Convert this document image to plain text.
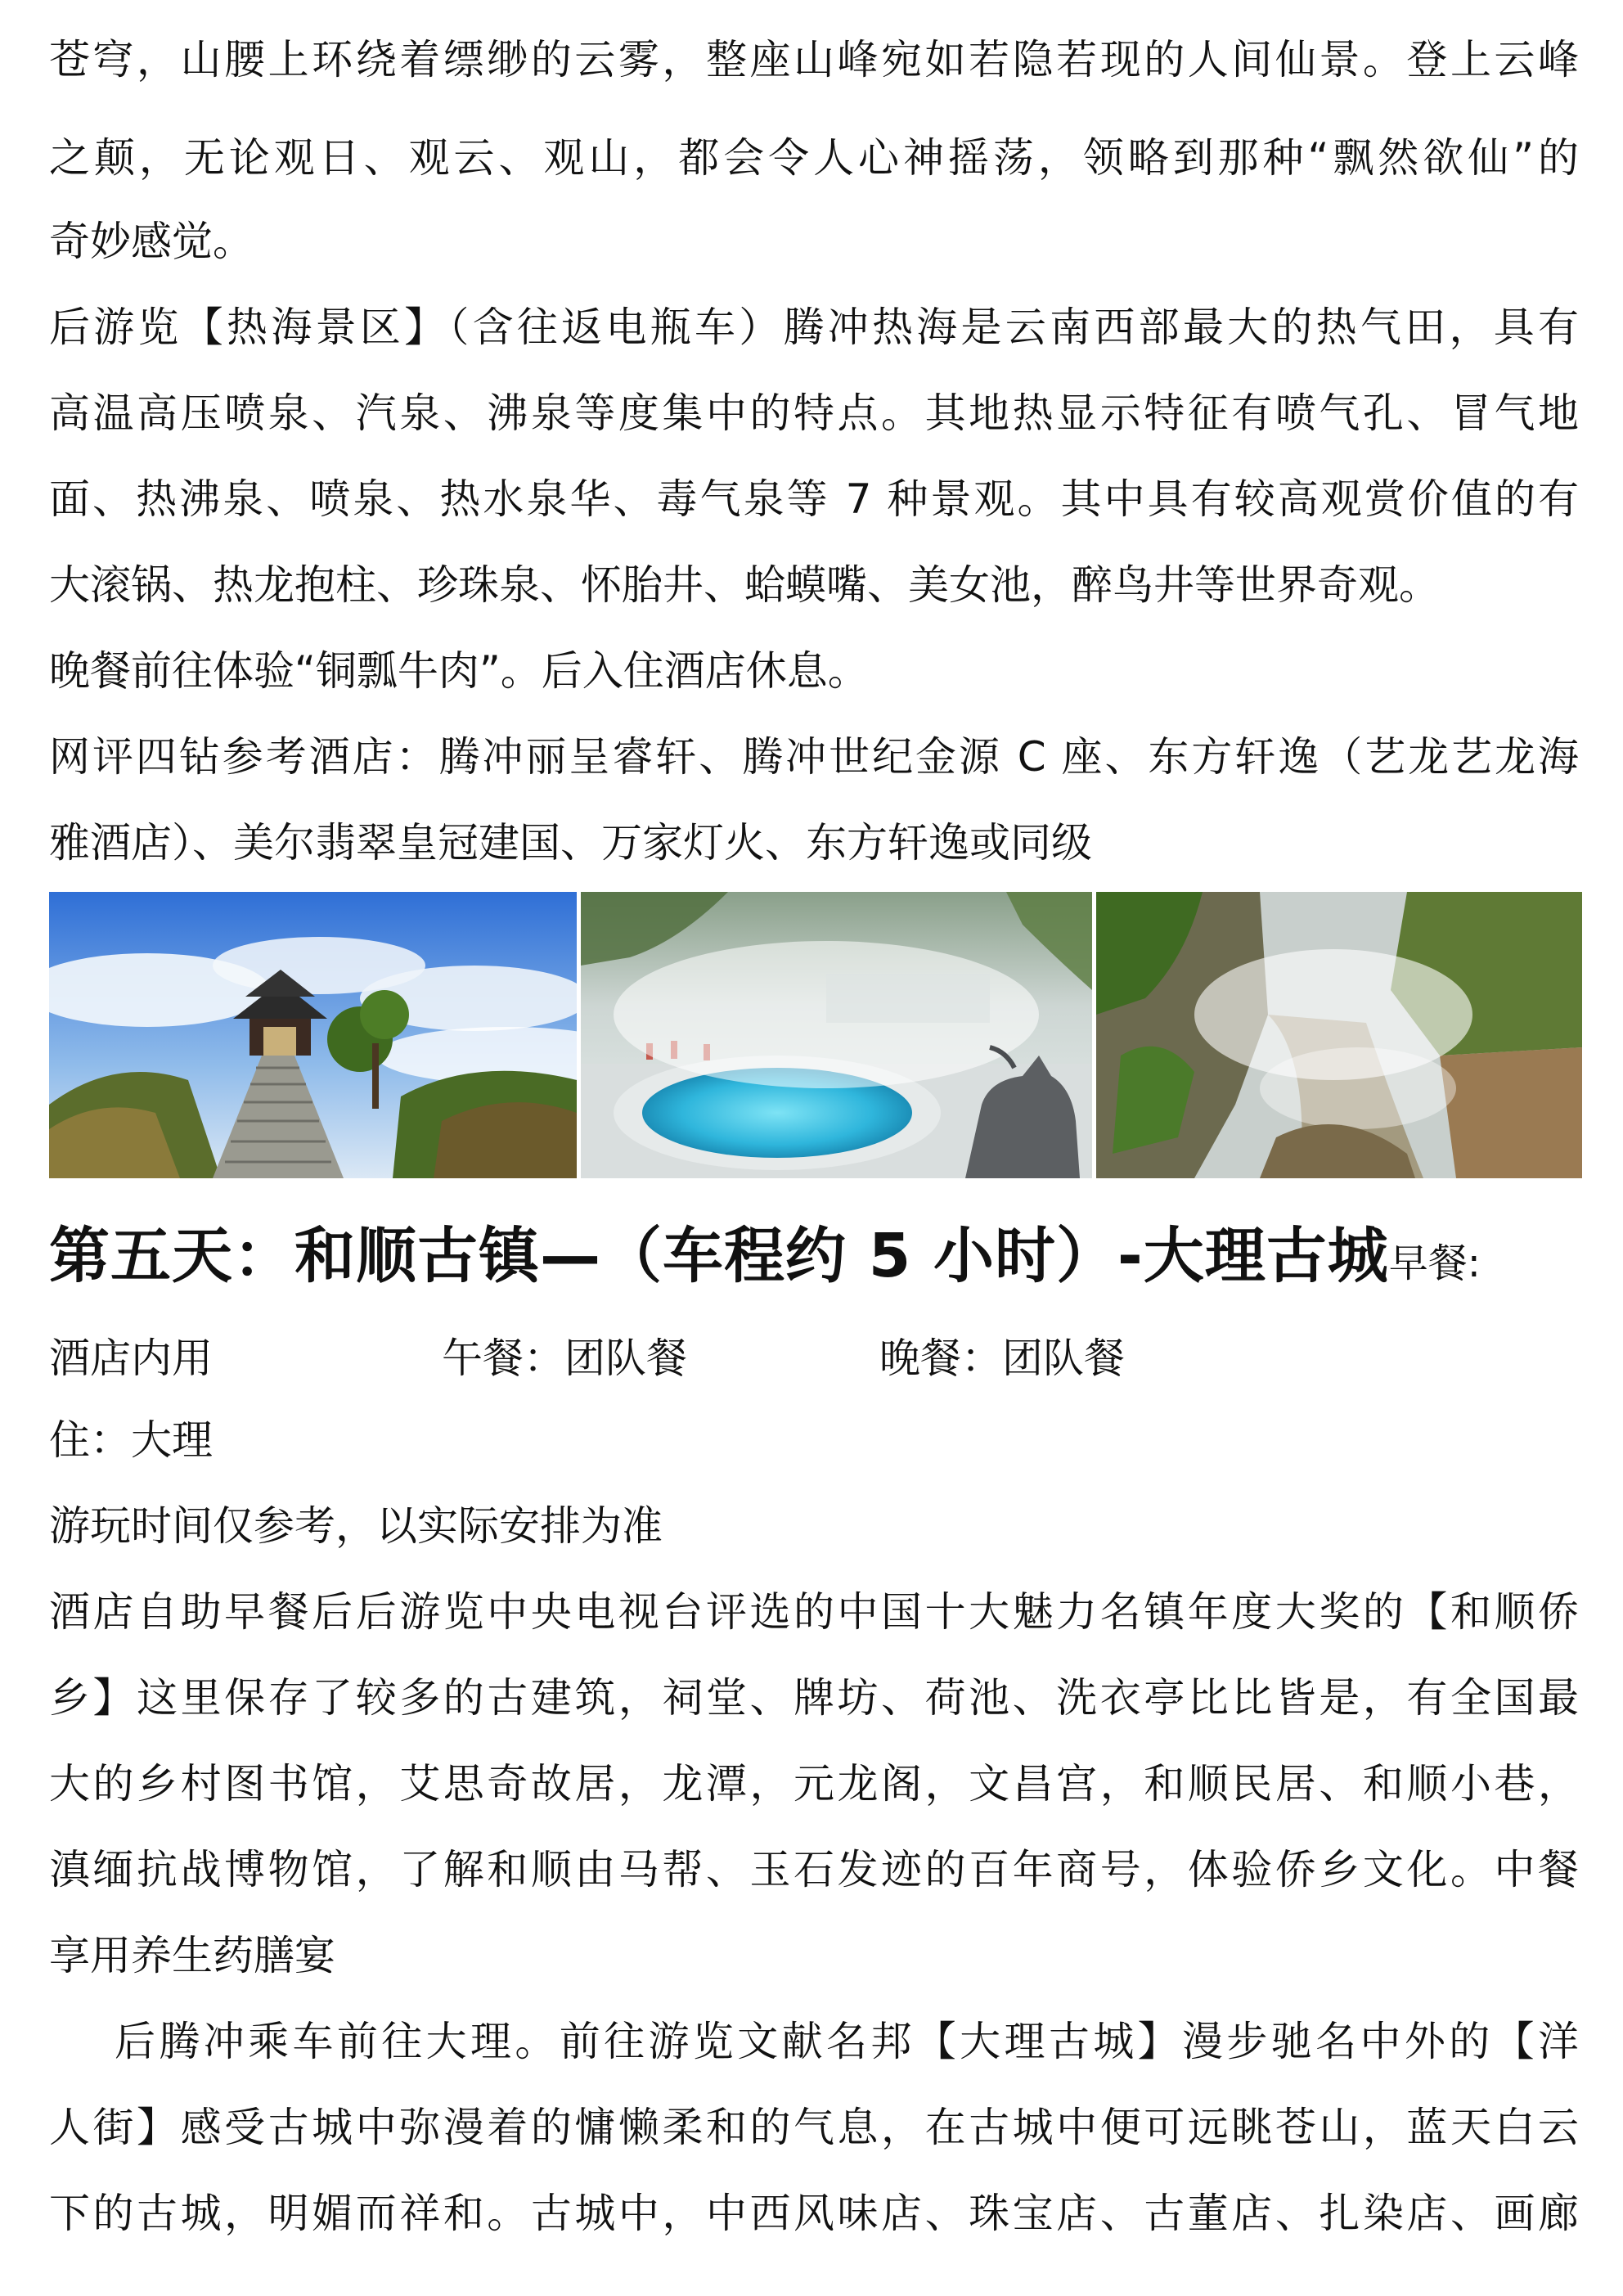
苍穹，山腰上环绕着缥缈的云雾，整座山峰宛如若隐若现的人间仙景。登上云峰
之颠，无论观日、观云、观山，都会令人心神摇荡，领略到那种“飘然欲仙”的
奇妙感觉。
后游览【热海景区】（含往返电瓶车）腾冲热海是云南西部最大的热气田，具有
高温高压喷泉、汽泉、沸泉等度集中的特点。其地热显示特征有喷气孔、冒气地
面、热沸泉、喷泉、热水泉华、毒气泉等 7 种景观。其中具有较高观赏价值的有
大滚锅、热龙抱柱、珍珠泉、怀胎井、蛤蟆嘴、美女池，醉鸟井等世界奇观。
晚餐前往体验“铜瓢牛肉”。后入住酒店休息。
网评四钻参考酒店：腾冲丽呈睿轩、腾冲世纪金源 C 座、东方轩逸（艺龙艺龙海
雅酒店）、美尔翡翠皇冠建国、万家灯火、东方轩逸或同级
第五天：和顺古镇—（车程约 5 小时）-大理古城早餐:
酒店内用	午餐：团队餐	晚餐：团队餐
住：大理
游玩时间仅参考，以实际安排为准
酒店自助早餐后后游览中央电视台评选的中国十大魅力名镇年度大奖的【和顺侨
乡】这里保存了较多的古建筑，祠堂、牌坊、荷池、洗衣亭比比皆是，有全国最
大的乡村图书馆，艾思奇故居，龙潭，元龙阁，文昌宫，和顺民居、和顺小巷，
滇缅抗战博物馆，了解和顺由马帮、玉石发迹的百年商号，体验侨乡文化。中餐
享用养生药膳宴
后腾冲乘车前往大理。前往游览文献名邦【大理古城】漫步驰名中外的【洋
人街】感受古城中弥漫着的慵懒柔和的气息，在古城中便可远眺苍山，蓝天白云
下的古城，明媚而祥和。古城中，中西风味店、珠宝店、古董店、扎染店、画廊
